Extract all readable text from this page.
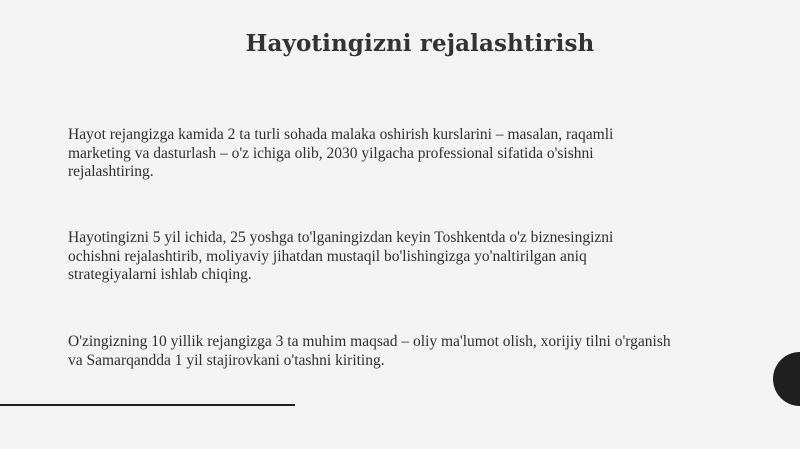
Hayotingizni rejalashtirish
Hayot rejangizga kamida 2 ta turli sohada malaka oshirish kurslarini – masalan, raqamli
marketing va dasturlash – o'z ichiga olib, 2030 yilgacha professional sifatida o'sishni
rejalashtiring.
Hayotingizni 5 yil ichida, 25 yoshga to'lganingizdan keyin Toshkentda o'z biznesingizni
ochishni rejalashtirib, moliyaviy jihatdan mustaqil bo'lishingizga yo'naltirilgan aniq
strategiyalarni ishlab chiqing.
O'zingizning 10 yillik rejangizga 3 ta muhim maqsad – oliy ma'lumot olish, xorijiy tilni o'rganish
va Samarqandda 1 yil stajirovkani o'tashni kiriting.
